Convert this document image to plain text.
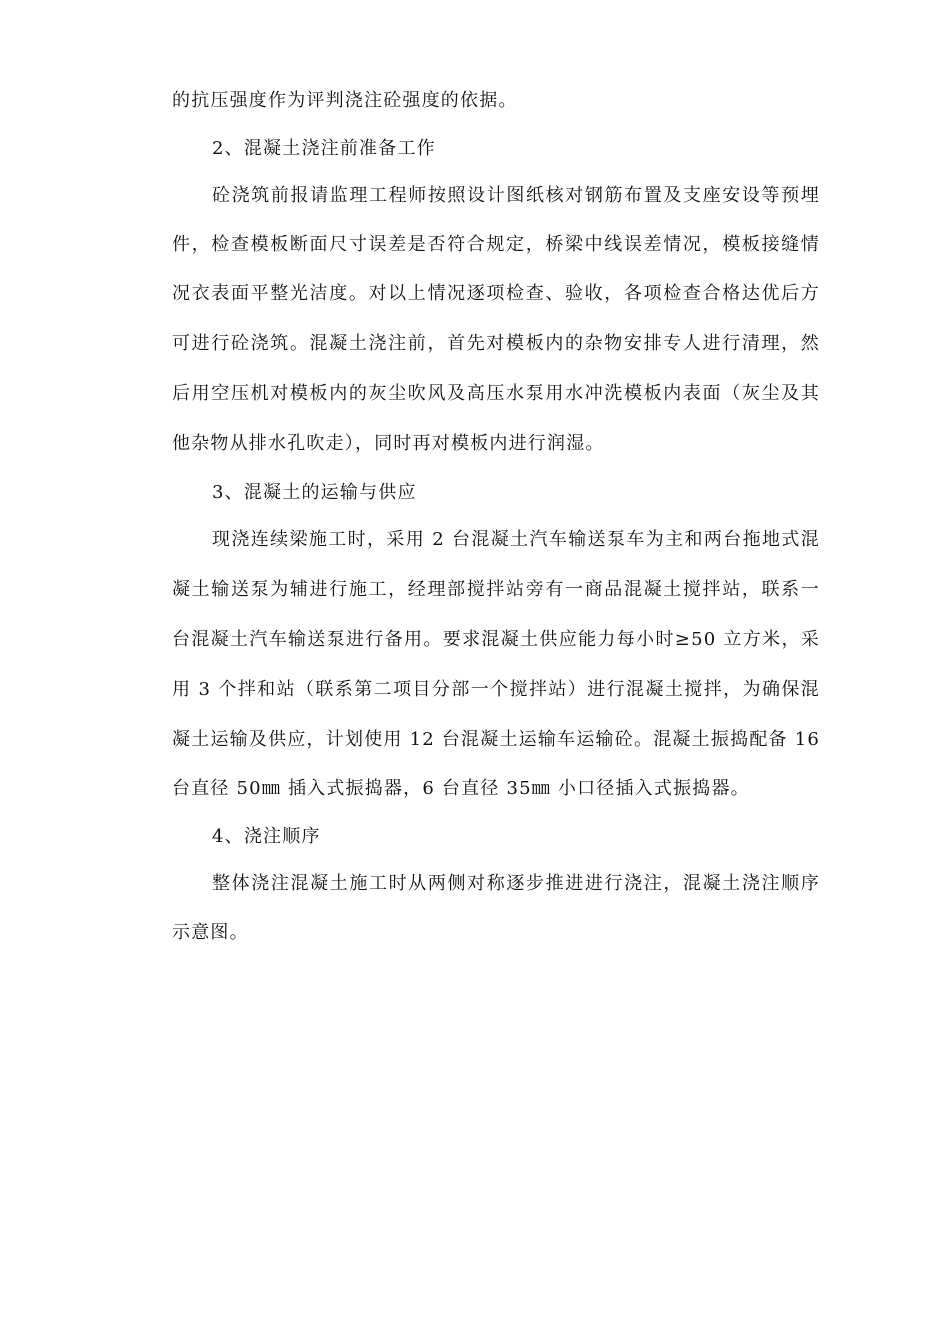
的抗压强度作为评判浇注砼强度的依据。
2、混凝土浇注前准备工作
砼浇筑前报请监理工程师按照设计图纸核对钢筋布置及支座安设等预埋
件，检查模板断面尺寸误差是否符合规定，桥梁中线误差情况，模板接缝情
况衣表面平整光洁度。对以上情况逐项检查、验收，各项检查合格达优后方
可进行砼浇筑。混凝土浇注前，首先对模板内的杂物安排专人进行清理，然
后用空压机对模板内的灰尘吹风及高压水泵用水冲洗模板内表面（灰尘及其
他杂物从排水孔吹走），同时再对模板内进行润湿。
3、混凝土的运输与供应
现浇连续梁施工时，采用 2 台混凝土汽车输送泵车为主和两台拖地式混
凝土输送泵为辅进行施工，经理部搅拌站旁有一商品混凝土搅拌站，联系一
台混凝土汽车输送泵进行备用。要求混凝土供应能力每小时≥50 立方米，采
用 3 个拌和站（联系第二项目分部一个搅拌站）进行混凝土搅拌，为确保混
凝土运输及供应，计划使用 12 台混凝土运输车运输砼。混凝土振捣配备 16
台直径 50㎜ 插入式振捣器，6 台直径 35㎜ 小口径插入式振捣器。
4、浇注顺序
整体浇注混凝土施工时从两侧对称逐步推进进行浇注，混凝土浇注顺序
示意图。
